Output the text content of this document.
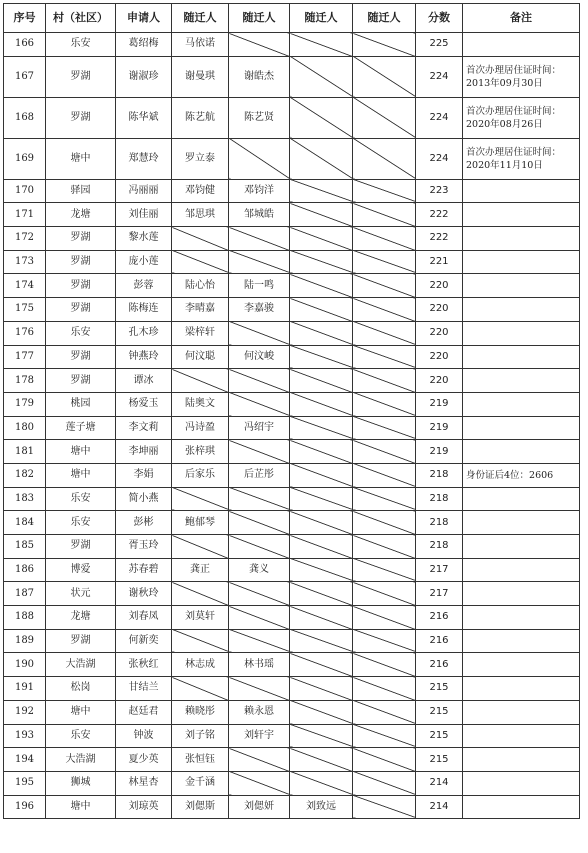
序号	村（社区）	申请人	随迁人	随迁人	随迁人	随迁人	分数	备注
166	乐安	葛绍梅	马依诺				225	
167	罗湖	谢淑珍	谢曼琪	谢皓杰			224	首次办理居住证时间：2013年09月30日
168	罗湖	陈华斌	陈艺航	陈艺贤			224	首次办理居住证时间：2020年08月26日
169	塘中	郑慧玲	罗立泰				224	首次办理居住证时间：2020年11月10日
170	驿园	冯丽丽	邓钧健	邓钧洋			223	
171	龙塘	刘佳丽	邹思琪	邹城皓			222	
172	罗湖	黎水莲					222	
173	罗湖	庞小莲					221	
174	罗湖	彭蓉	陆心怡	陆一鸣			220	
175	罗湖	陈梅连	李晴嘉	李嘉骏			220	
176	乐安	孔木珍	梁梓轩				220	
177	罗湖	钟燕玲	何汶聪	何汶峻			220	
178	罗湖	谭冰					220	
179	桃园	杨爱玉	陆奥文				219	
180	莲子塘	李文莉	冯诗盈	冯绍宇			219	
181	塘中	李坤丽	张梓琪				219	
182	塘中	李娟	后家乐	后芷彤			218	身份证后4位：2606
183	乐安	简小燕					218	
184	乐安	彭彬	鲍郁琴				218	
185	罗湖	胥玉玲					218	
186	博爱	苏春碧	龚正	龚义			217	
187	状元	谢秋玲					217	
188	龙塘	刘春凤	刘莫轩				216	
189	罗湖	何新奕					216	
190	大浩湖	张秋红	林志成	林书瑶			216	
191	松岗	甘结兰					215	
192	塘中	赵廷君	赖晓彤	赖永恩			215	
193	乐安	钟波	刘子铭	刘轩宇			215	
194	大浩湖	夏少英	张恒钰				215	
195	狮城	林星杏	金千涵				214	
196	塘中	刘琼英	刘偲斯	刘偲妍	刘致远		214	
